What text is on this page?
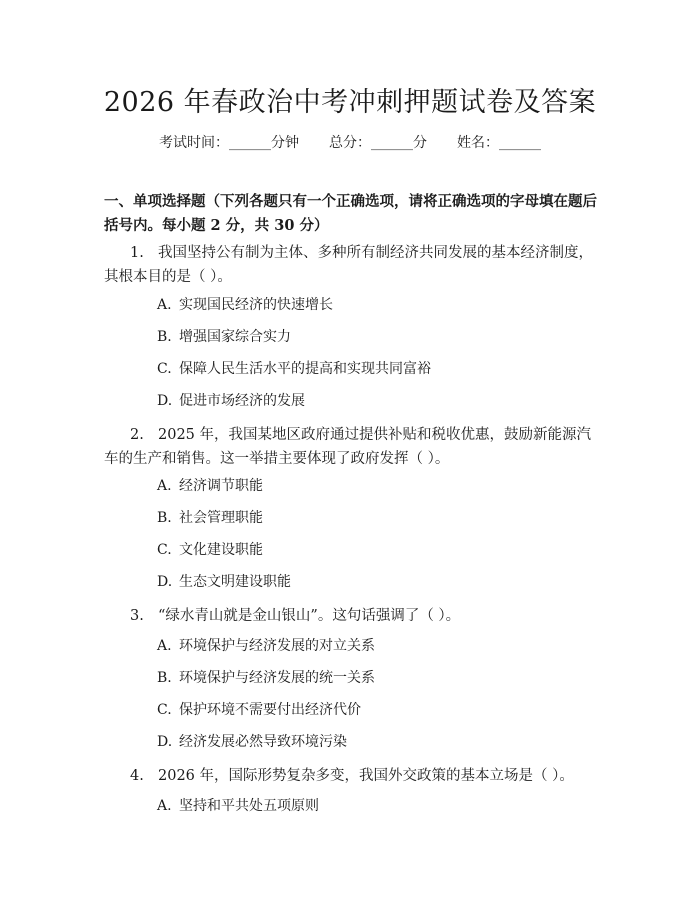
2026 年春政治中考冲刺押题试卷及答案
考试时间：______分钟 总分：______分 姓名：______
一、单项选择题（下列各题只有一个正确选项，请将正确选项的字母填在题后括号内。每小题 2 分，共 30 分）
1. 我国坚持公有制为主体、多种所有制经济共同发展的基本经济制度，其根本目的是（ ）。
A. 实现国民经济的快速增长
B. 增强国家综合实力
C. 保障人民生活水平的提高和实现共同富裕
D. 促进市场经济的发展
2. 2025 年，我国某地区政府通过提供补贴和税收优惠，鼓励新能源汽车的生产和销售。这一举措主要体现了政府发挥（ ）。
A. 经济调节职能
B. 社会管理职能
C. 文化建设职能
D. 生态文明建设职能
3. “绿水青山就是金山银山”。这句话强调了（ ）。
A. 环境保护与经济发展的对立关系
B. 环境保护与经济发展的统一关系
C. 保护环境不需要付出经济代价
D. 经济发展必然导致环境污染
4. 2026 年，国际形势复杂多变，我国外交政策的基本立场是（ ）。
A. 坚持和平共处五项原则
